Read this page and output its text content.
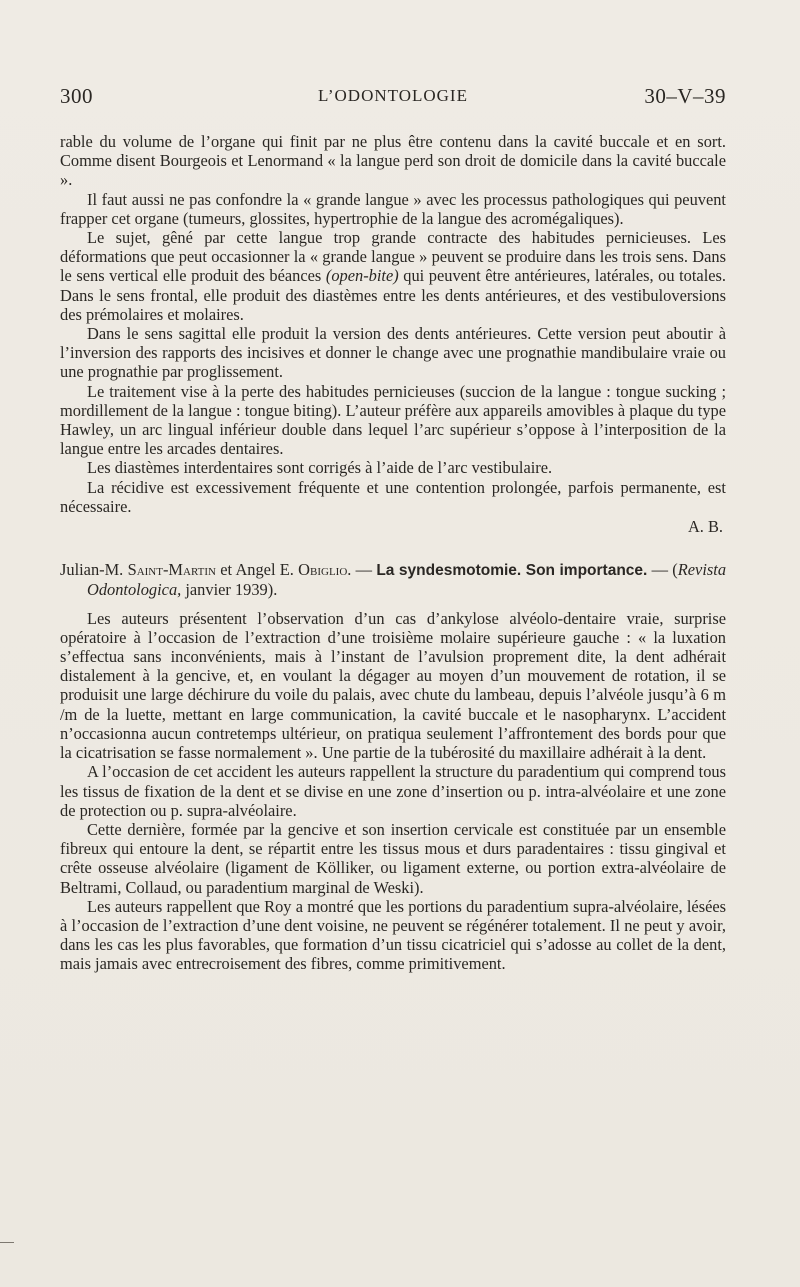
300	L’ODONTOLOGIE	30–V–39

rable du volume de l’organe qui finit par ne plus être contenu dans la cavité buccale et en sort. Comme disent Bourgeois et Lenormand « la langue perd son droit de domicile dans la cavité buccale ».

Il faut aussi ne pas confondre la « grande langue » avec les processus pathologiques qui peuvent frapper cet organe (tumeurs, glossites, hypertrophie de la langue des acromégaliques).

Le sujet, gêné par cette langue trop grande contracte des habitudes pernicieuses. Les déformations que peut occasionner la « grande langue » peuvent se produire dans les trois sens. Dans le sens vertical elle produit des béances (open-bite) qui peuvent être antérieures, latérales, ou totales. Dans le sens frontal, elle produit des diastèmes entre les dents antérieures, et des vestibuloversions des prémolaires et molaires.

Dans le sens sagittal elle produit la version des dents antérieures. Cette version peut aboutir à l’inversion des rapports des incisives et donner le change avec une prognathie mandibulaire vraie ou une prognathie par proglissement.

Le traitement vise à la perte des habitudes pernicieuses (succion de la langue : tongue sucking ; mordillement de la langue : tongue biting). L’auteur préfère aux appareils amovibles à plaque du type Hawley, un arc lingual inférieur double dans lequel l’arc supérieur s’oppose à l’interposition de la langue entre les arcades dentaires.

Les diastèmes interdentaires sont corrigés à l’aide de l’arc vestibulaire.

La récidive est excessivement fréquente et une contention prolongée, parfois permanente, est nécessaire.

A. B.

Julian-M. Saint-Martin et Angel E. Obiglio. — La syndesmotomie. Son importance. — (Revista Odontologica, janvier 1939).

Les auteurs présentent l’observation d’un cas d’ankylose alvéolo-dentaire vraie, surprise opératoire à l’occasion de l’extraction d’une troisième molaire supérieure gauche : « la luxation s’effectua sans inconvénients, mais à l’instant de l’avulsion proprement dite, la dent adhérait distalement à la gencive, et, en voulant la dégager au moyen d’un mouvement de rotation, il se produisit une large déchirure du voile du palais, avec chute du lambeau, depuis l’alvéole jusqu’à 6 m /m de la luette, mettant en large communication, la cavité buccale et le nasopharynx. L’accident n’occasionna aucun contretemps ultérieur, on pratiqua seulement l’affrontement des bords pour que la cicatrisation se fasse normalement ». Une partie de la tubérosité du maxillaire adhérait à la dent.

A l’occasion de cet accident les auteurs rappellent la structure du paradentium qui comprend tous les tissus de fixation de la dent et se divise en une zone d’insertion ou p. intra-alvéolaire et une zone de protection ou p. supra-alvéolaire.

Cette dernière, formée par la gencive et son insertion cervicale est constituée par un ensemble fibreux qui entoure la dent, se répartit entre les tissus mous et durs paradentaires : tissu gingival et crête osseuse alvéolaire (ligament de Kölliker, ou ligament externe, ou portion extra-alvéolaire de Beltrami, Collaud, ou paradentium marginal de Weski).

Les auteurs rappellent que Roy a montré que les portions du paradentium supra-alvéolaire, lésées à l’occasion de l’extraction d’une dent voisine, ne peuvent se régénérer totalement. Il ne peut y avoir, dans les cas les plus favorables, que formation d’un tissu cicatriciel qui s’adosse au collet de la dent, mais jamais avec entrecroisement des fibres, comme primitivement.
